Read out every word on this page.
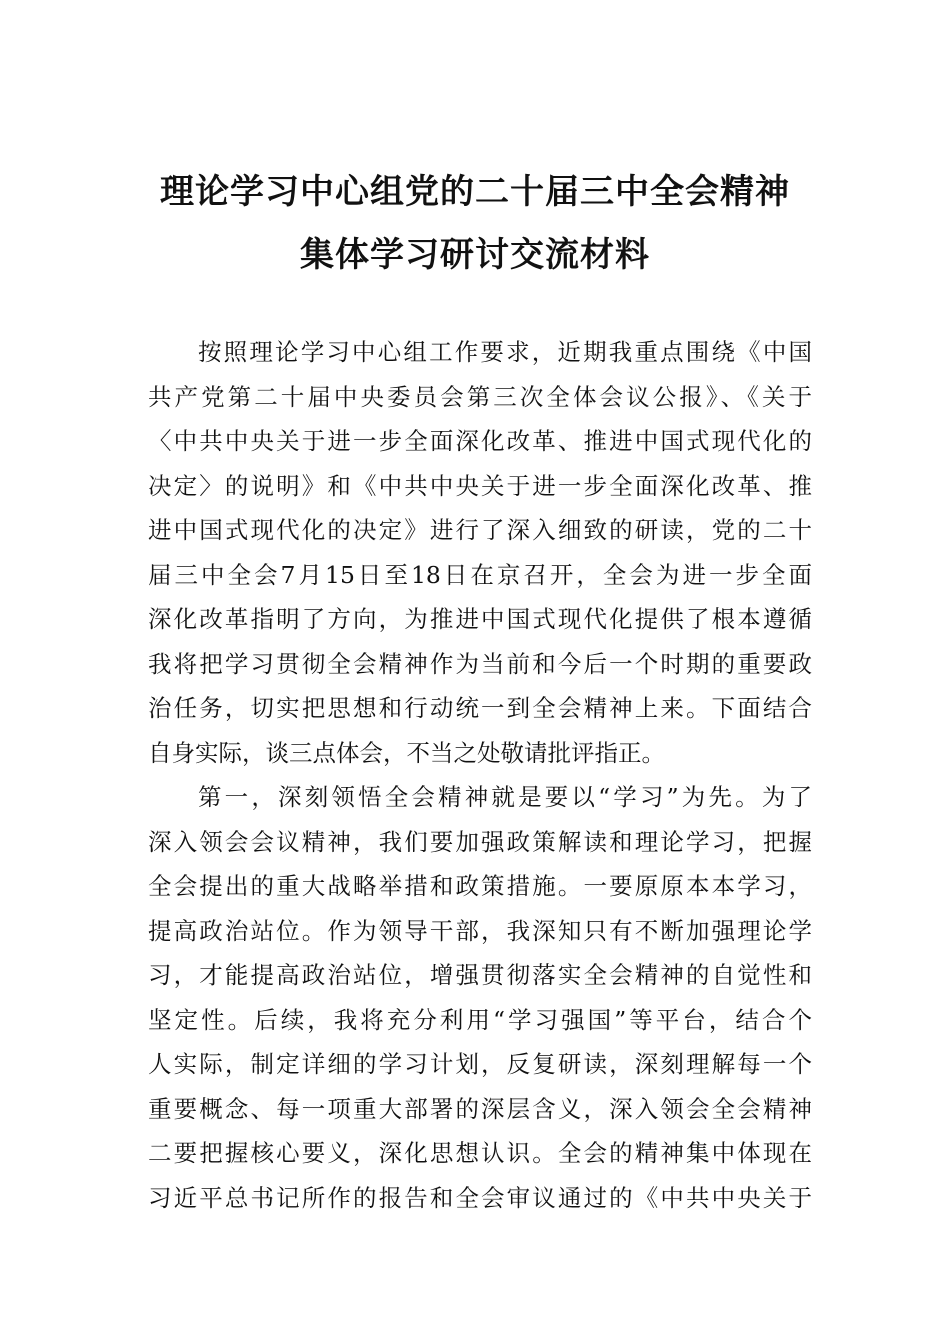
理论学习中心组党的二十届三中全会精神
集体学习研讨交流材料
按照理论学习中心组工作要求，近期我重点围绕《中国
共产党第二十届中央委员会第三次全体会议公报》、《关于
〈中共中央关于进一步全面深化改革、推进中国式现代化的
决定〉的说明》和《中共中央关于进一步全面深化改革、推
进中国式现代化的决定》进行了深入细致的研读，党的二十
届三中全会7月15日至18日在京召开，全会为进一步全面
深化改革指明了方向，为推进中国式现代化提供了根本遵循
我将把学习贯彻全会精神作为当前和今后一个时期的重要政
治任务，切实把思想和行动统一到全会精神上来。下面结合
自身实际，谈三点体会，不当之处敬请批评指正。
第一，深刻领悟全会精神就是要以“学习”为先。为了
深入领会会议精神，我们要加强政策解读和理论学习，把握
全会提出的重大战略举措和政策措施。一要原原本本学习，
提高政治站位。作为领导干部，我深知只有不断加强理论学
习，才能提高政治站位，增强贯彻落实全会精神的自觉性和
坚定性。后续，我将充分利用“学习强国”等平台，结合个
人实际，制定详细的学习计划，反复研读，深刻理解每一个
重要概念、每一项重大部署的深层含义，深入领会全会精神
二要把握核心要义，深化思想认识。全会的精神集中体现在
习近平总书记所作的报告和全会审议通过的《中共中央关于
